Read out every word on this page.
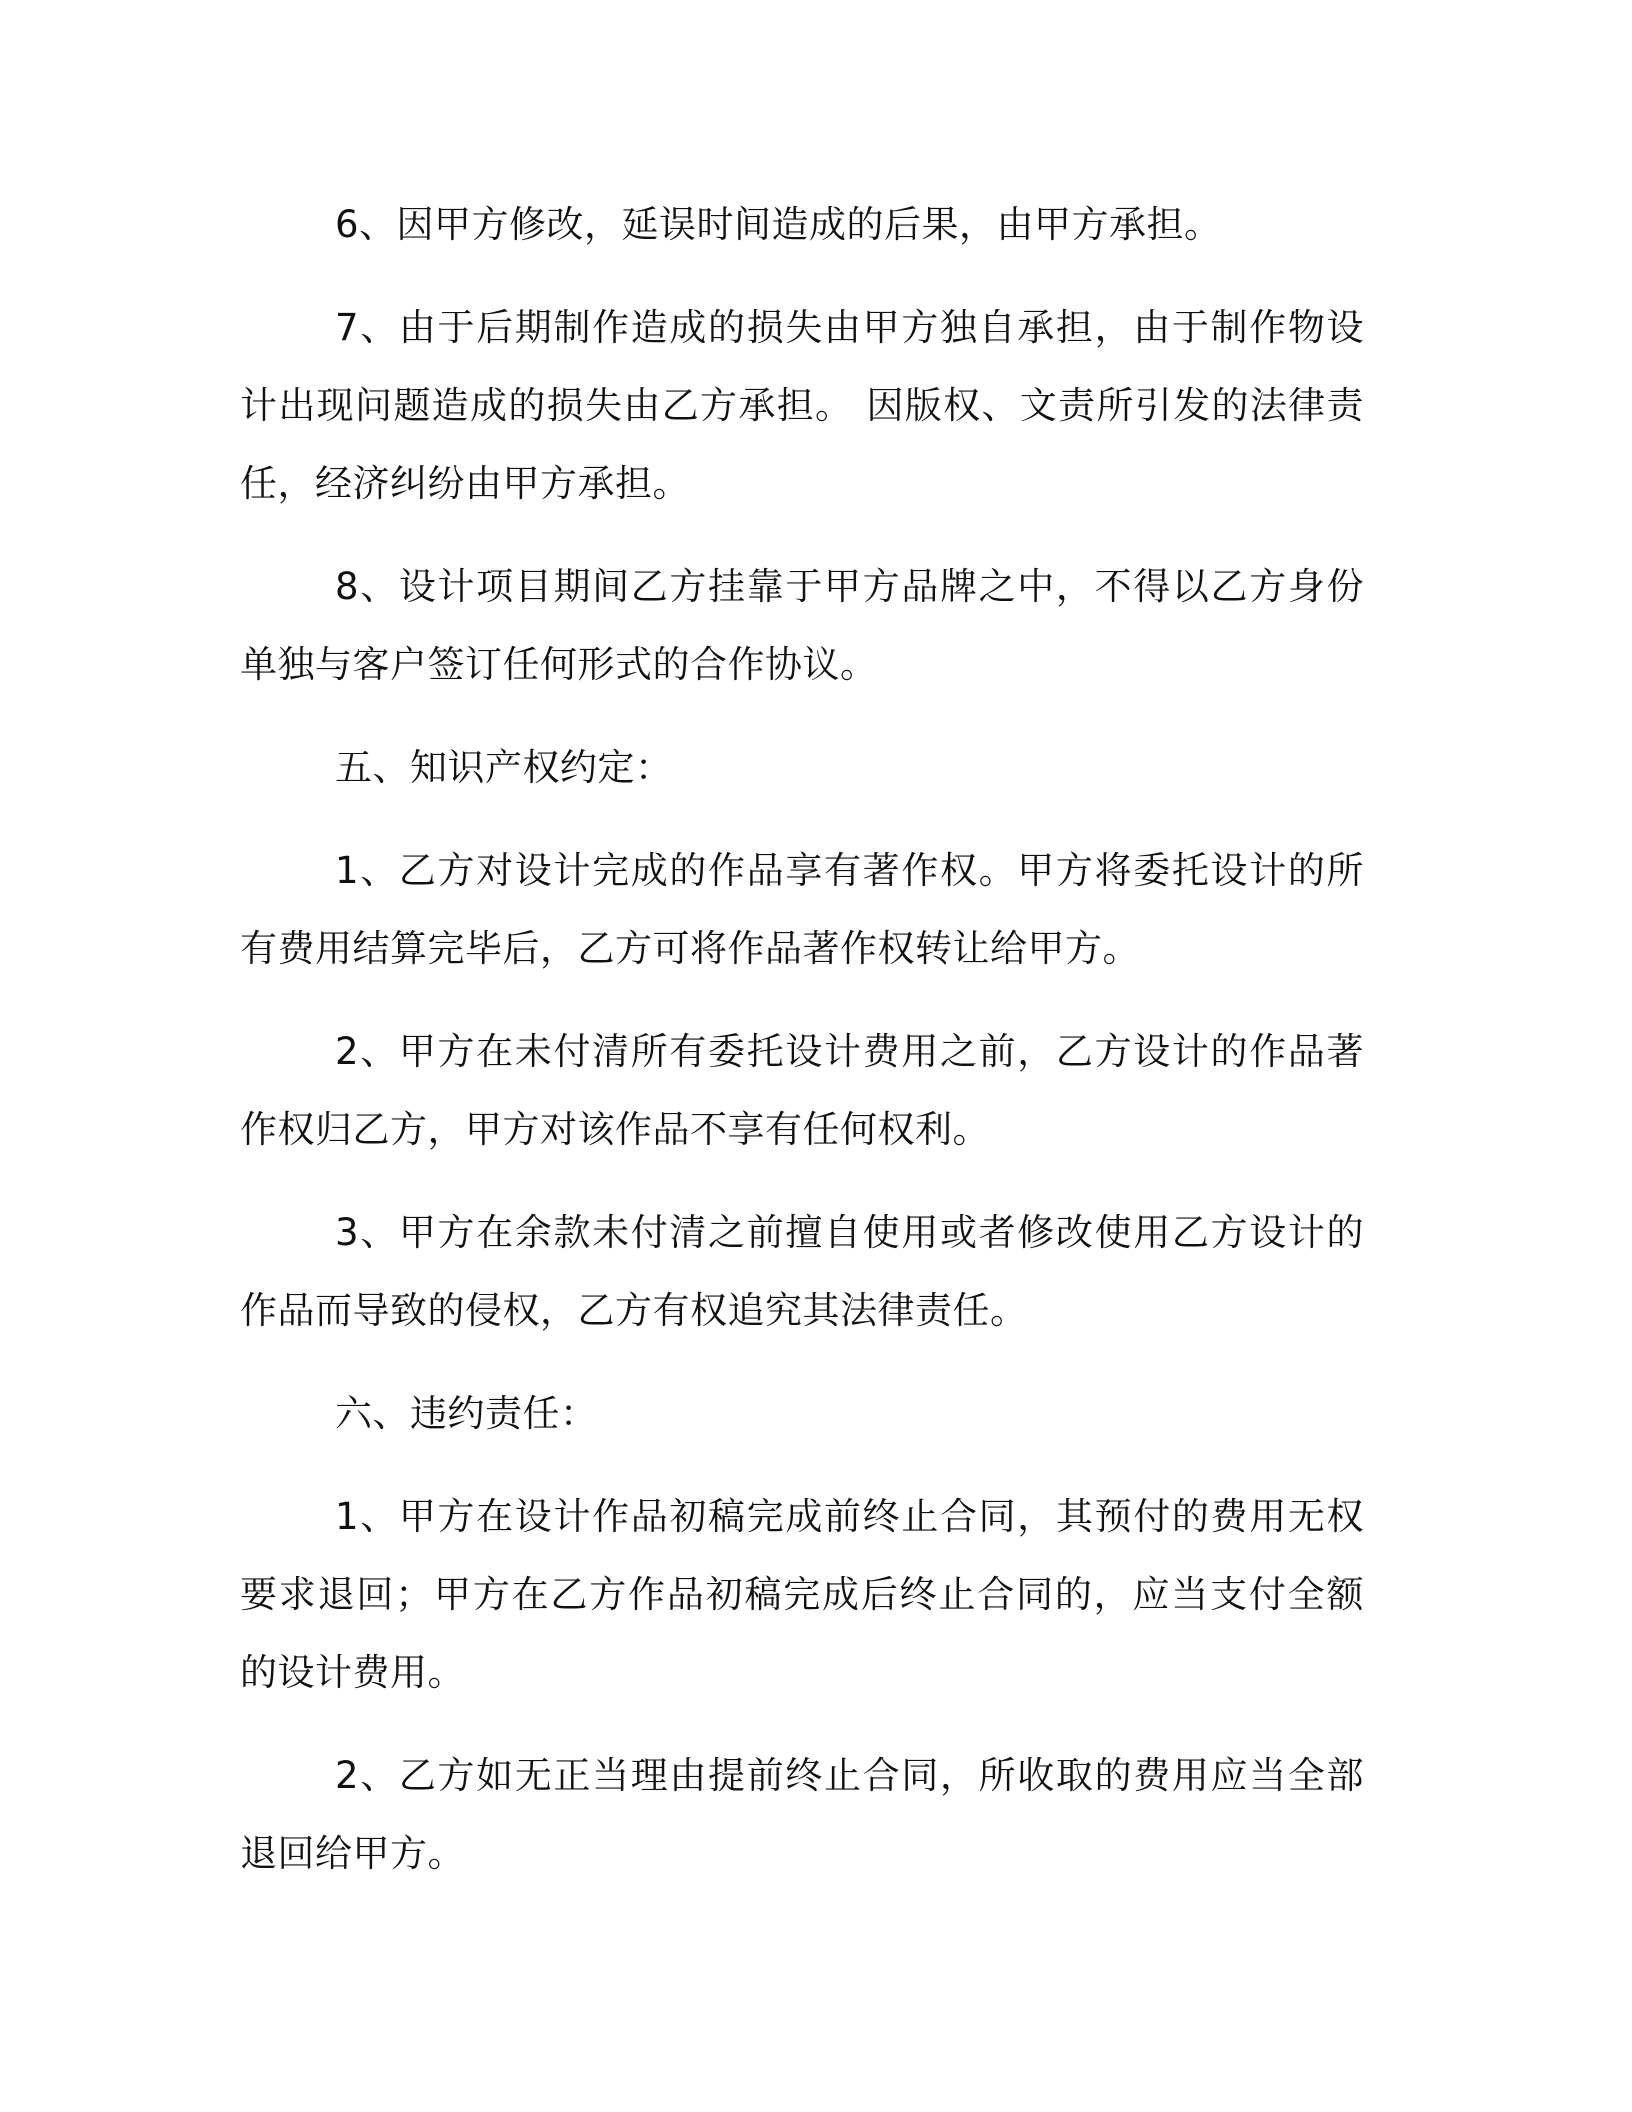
6、因甲方修改，延误时间造成的后果，由甲方承担。

7、由于后期制作造成的损失由甲方独自承担，由于制作物设计出现问题造成的损失由乙方承担。 因版权、文责所引发的法律责任，经济纠纷由甲方承担。

8、设计项目期间乙方挂靠于甲方品牌之中，不得以乙方身份单独与客户签订任何形式的合作协议。

五、知识产权约定：

1、乙方对设计完成的作品享有著作权。甲方将委托设计的所有费用结算完毕后，乙方可将作品著作权转让给甲方。

2、甲方在未付清所有委托设计费用之前，乙方设计的作品著作权归乙方，甲方对该作品不享有任何权利。

3、甲方在余款未付清之前擅自使用或者修改使用乙方设计的作品而导致的侵权，乙方有权追究其法律责任。

六、违约责任：

1、甲方在设计作品初稿完成前终止合同，其预付的费用无权要求退回；甲方在乙方作品初稿完成后终止合同的，应当支付全额的设计费用。

2、乙方如无正当理由提前终止合同，所收取的费用应当全部退回给甲方。
